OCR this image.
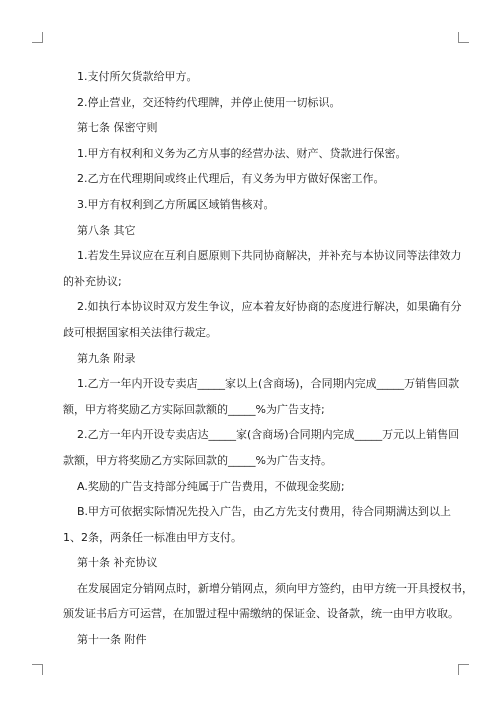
1.支付所欠货款给甲方。
2.停止营业，交还特约代理牌，并停止使用一切标识。
第七条 保密守则
1.甲方有权利和义务为乙方从事的经营办法、财产、贷款进行保密。
2.乙方在代理期间或终止代理后，有义务为甲方做好保密工作。
3.甲方有权利到乙方所属区域销售核对。
第八条 其它
1.若发生异议应在互利自愿原则下共同协商解决，并补充与本协议同等法律效力
的补充协议;
2.如执行本协议时双方发生争议，应本着友好协商的态度进行解决，如果确有分
歧可根据国家相关法律行裁定。
第九条 附录
1.乙方一年内开设专卖店_____家以上(含商场)，合同期内完成_____万销售回款
额，甲方将奖励乙方实际回款额的_____%为广告支持;
2.乙方一年内开设专卖店达_____家(含商场)合同期内完成_____万元以上销售回
款额，甲方将奖励乙方实际回款的_____%为广告支持。
A.奖励的广告支持部分纯属于广告费用，不做现金奖励;
B.甲方可依据实际情况先投入广告，由乙方先支付费用，待合同期满达到以上
1、2条，两条任一标准由甲方支付。
第十条 补充协议
在发展固定分销网点时，新增分销网点，须向甲方签约，由甲方统一开具授权书，
颁发证书后方可运营，在加盟过程中需缴纳的保证金、设备款，统一由甲方收取。
第十一条 附件
